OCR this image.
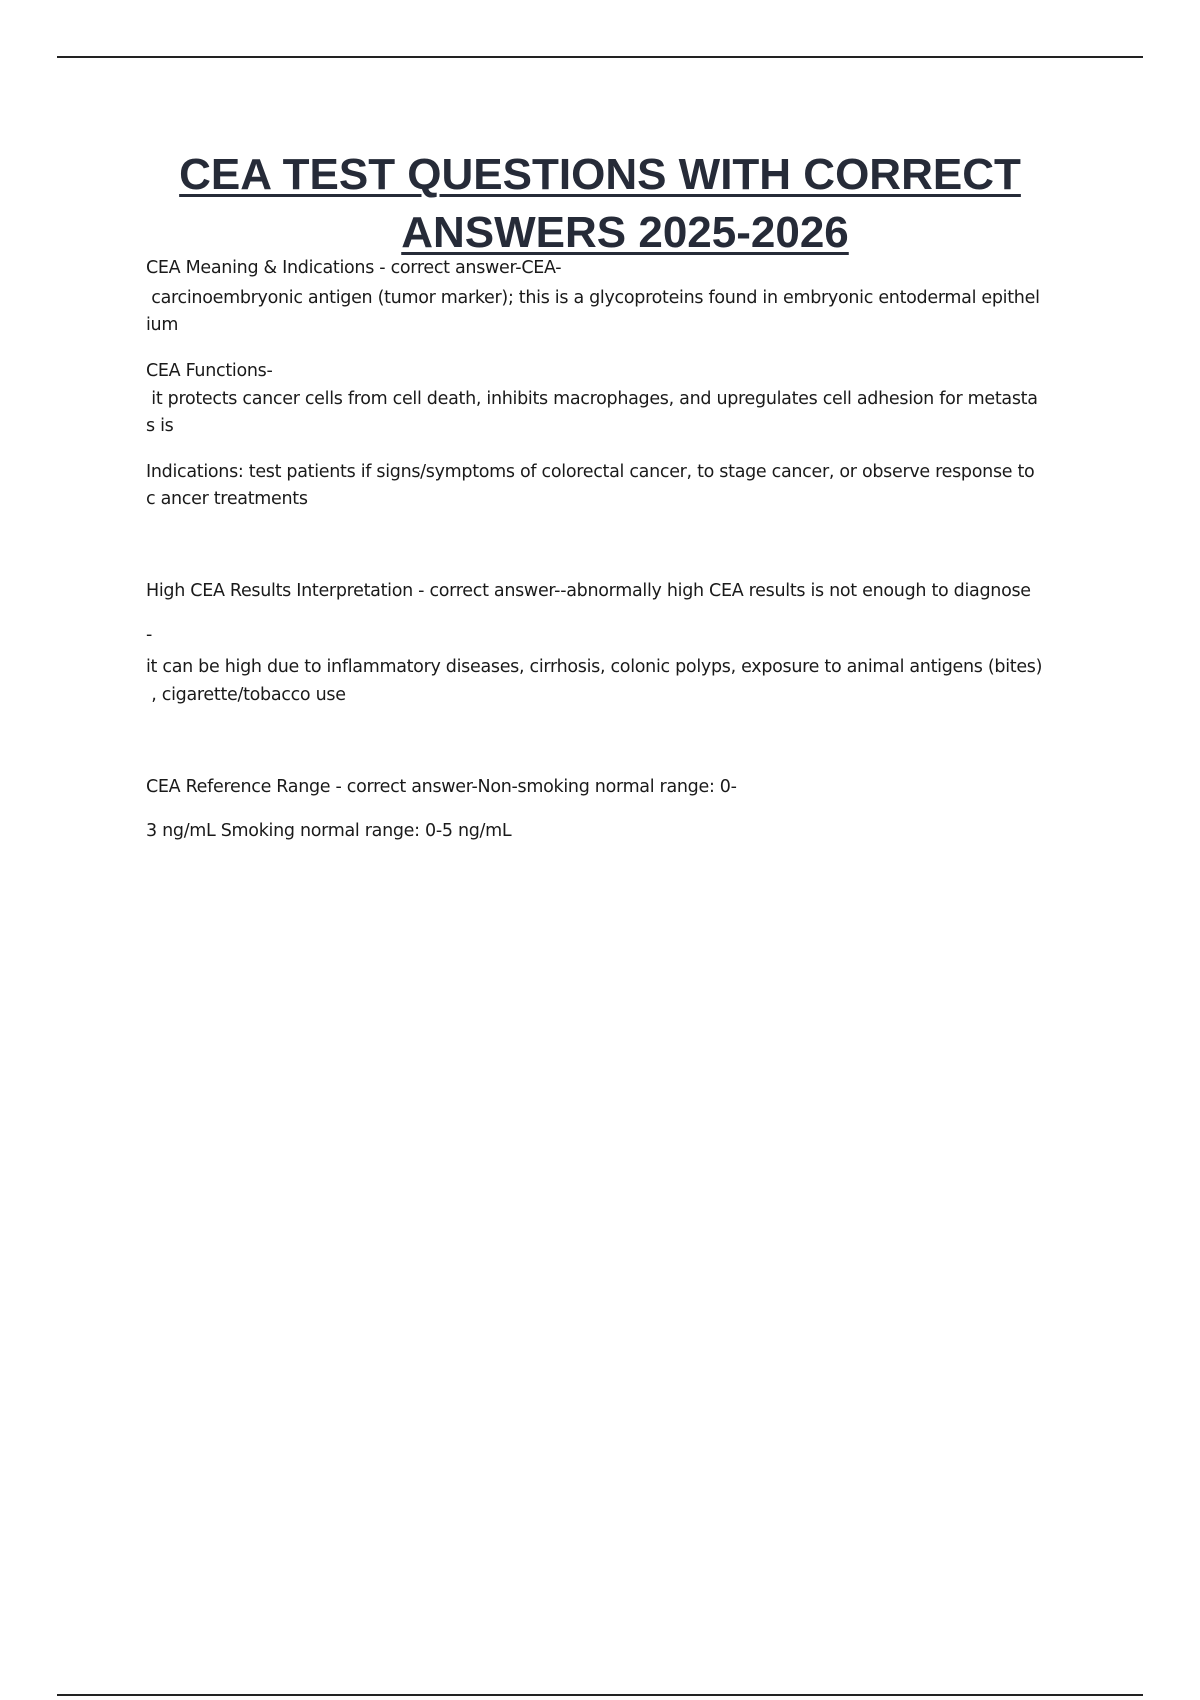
CEA TEST QUESTIONS WITH CORRECT
ANSWERS 2025-2026
CEA Meaning & Indications - correct answer-CEA-
carcinoembryonic antigen (tumor marker); this is a glycoproteins found in embryonic entodermal epithel
ium
CEA Functions-
it protects cancer cells from cell death, inhibits macrophages, and upregulates cell adhesion for metasta
s is
Indications: test patients if signs/symptoms of colorectal cancer, to stage cancer, or observe response to
c ancer treatments
High CEA Results Interpretation - correct answer--abnormally high CEA results is not enough to diagnose
-
it can be high due to inflammatory diseases, cirrhosis, colonic polyps, exposure to animal antigens (bites)
, cigarette/tobacco use
CEA Reference Range - correct answer-Non-smoking normal range: 0-
3 ng/mL Smoking normal range: 0-5 ng/mL
